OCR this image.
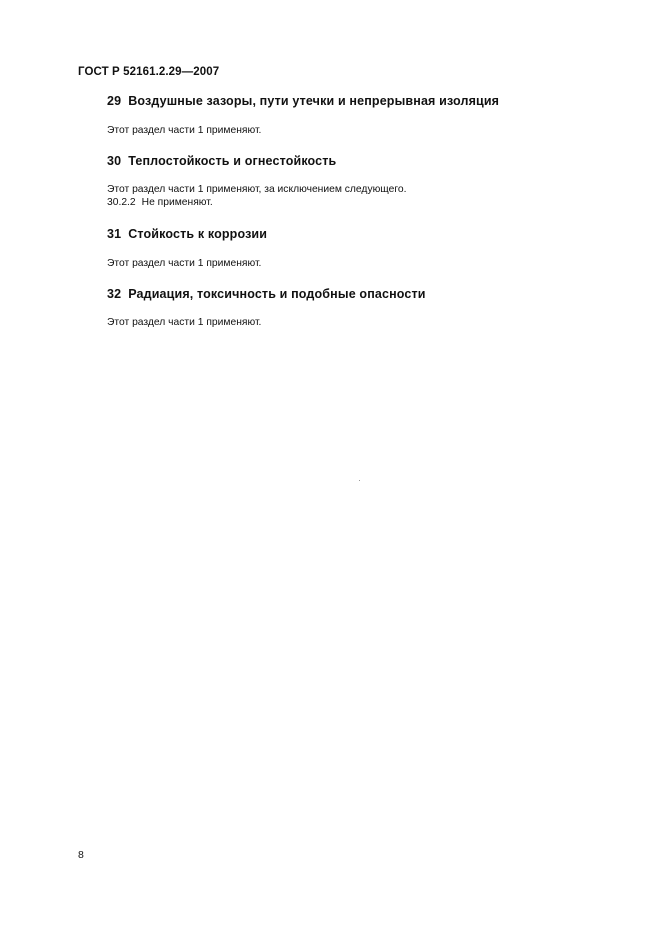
ГОСТ Р 52161.2.29—2007
29 Воздушные зазоры, пути утечки и непрерывная изоляция
Этот раздел части 1 применяют.
30 Теплостойкость и огнестойкость
Этот раздел части 1 применяют, за исключением следующего.
30.2.2 Не применяют.
31 Стойкость к коррозии
Этот раздел части 1 применяют.
32 Радиация, токсичность и подобные опасности
Этот раздел части 1 применяют.
8
